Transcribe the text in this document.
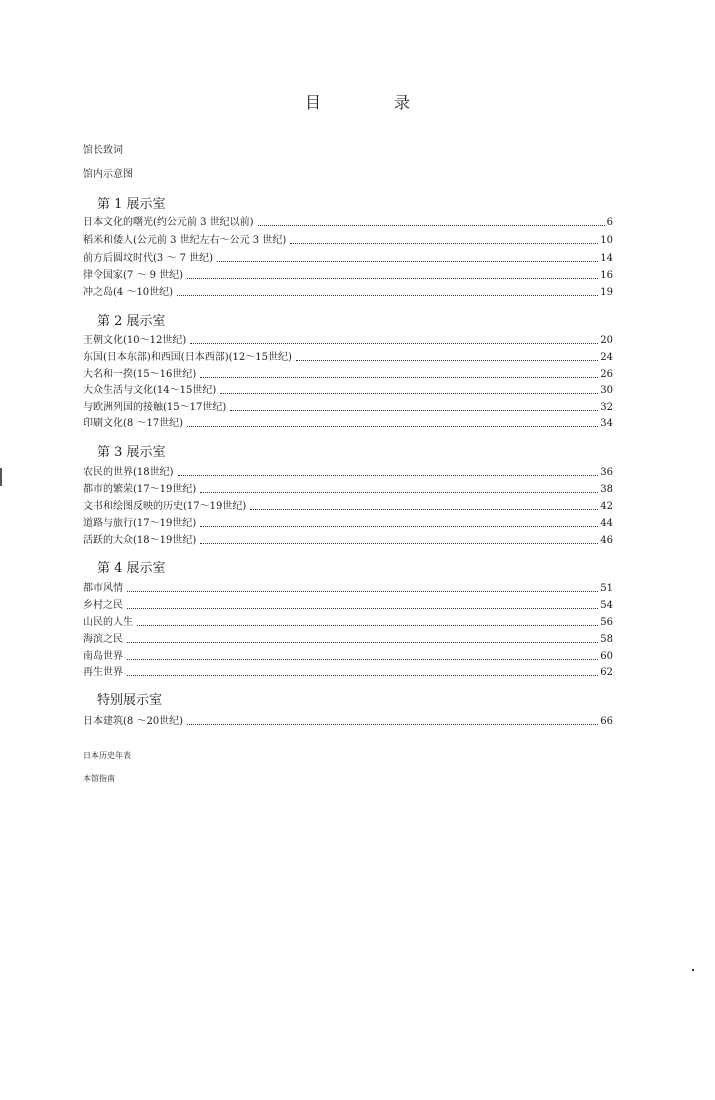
目 录
馆长致词
馆内示意图
第 1 展示室
日本文化的曙光(约公元前 3 世纪以前)	6
稻米和倭人(公元前 3 世纪左右～公元 3 世纪)	10
前方后圆坟时代(3 ～ 7 世纪)	14
律令国家(7 ～ 9 世纪)	16
冲之岛(4 ～10世纪)	19
第 2 展示室
王朝文化(10～12世纪)	20
东国(日本东部)和西国(日本西部)(12～15世纪)	24
大名和一揆(15～16世纪)	26
大众生活与文化(14～15世纪)	30
与欧洲列国的接触(15～17世纪)	32
印刷文化(8 ～17世纪)	34
第 3 展示室
农民的世界(18世纪)	36
都市的繁荣(17～19世纪)	38
文书和绘图反映的历史(17～19世纪)	42
道路与旅行(17～19世纪)	44
活跃的大众(18～19世纪)	46
第 4 展示室
都市风情	51
乡村之民	54
山民的人生	56
海滨之民	58
南岛世界	60
再生世界	62
特别展示室
日本建筑(8 ～20世纪)	66
日本历史年表
本馆指南
